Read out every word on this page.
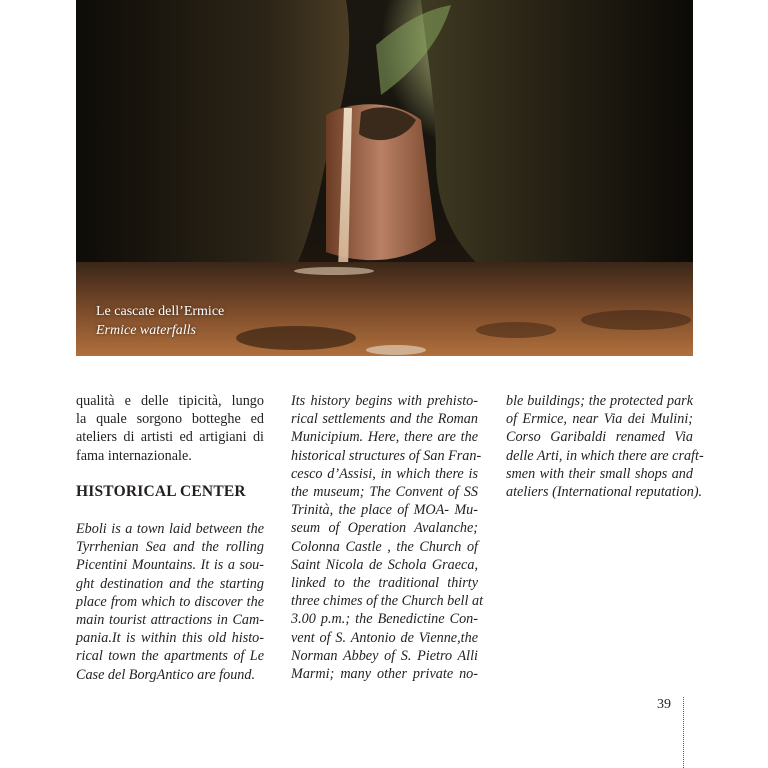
Le cascate dell’Ermice
Ermice waterfalls
qualità e delle tipicità, lungo
la quale sorgono botteghe ed
ateliers di artisti ed artigiani di
fama internazionale.
HISTORICAL CENTER
Eboli is a town laid between the
Tyrrhenian Sea and the rolling
Picentini Mountains. It is a sou-
ght destination and the starting
place from which to discover the
main tourist attractions in Cam-
pania.It is within this old histo-
rical town the apartments of Le
Case del BorgAntico are found.
Its history begins with prehisto-
rical settlements and the Roman
Municipium. Here, there are the
historical structures of San Fran-
cesco d’Assisi, in which there is
the museum; The Convent of SS
Trinità, the place of MOA- Mu-
seum of Operation Avalanche;
Colonna Castle , the Church of
Saint Nicola de Schola Graeca,
linked to the traditional thirty
three chimes of the Church bell at
3.00 p.m.; the Benedictine Con-
vent of S. Antonio de Vienne,the
Norman Abbey of S. Pietro Alli
Marmi; many other private no-
ble buildings; the protected park
of Ermice, near Via dei Mulini;
Corso Garibaldi renamed Via
delle Arti, in which there are craft-
smen with their small shops and
ateliers (International reputation).
39
